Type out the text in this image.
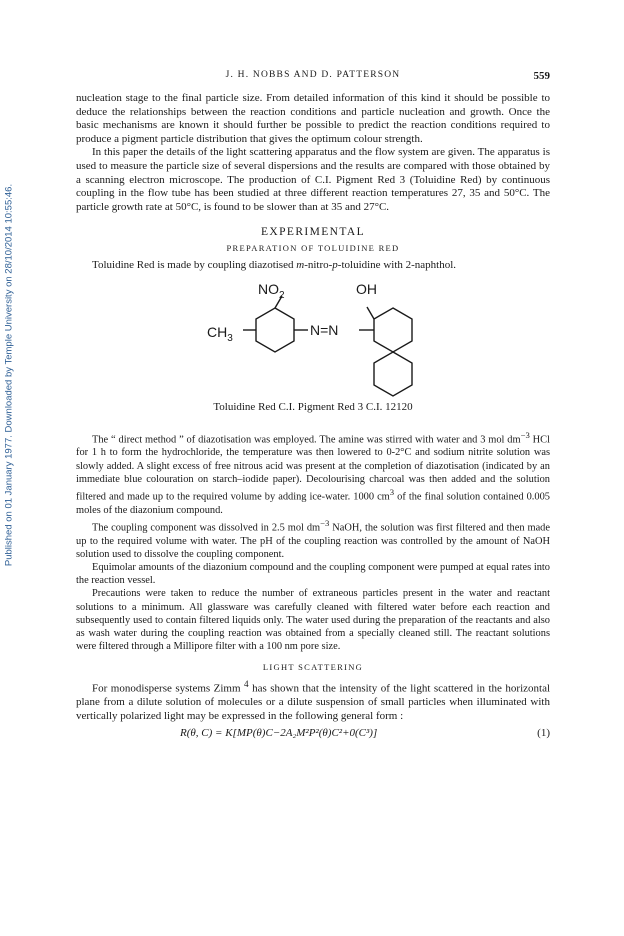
Published on 01 January 1977. Downloaded by Temple University on 28/10/2014 10:55:46.
J. H. NOBBS AND D. PATTERSON	559

nucleation stage to the final particle size. From detailed information of this kind it should be possible to deduce the relationships between the reaction conditions and particle nucleation and growth. Once the basic mechanisms are known it should further be possible to predict the reaction conditions required to produce a pigment particle distribution that gives the optimum colour strength.

In this paper the details of the light scattering apparatus and the flow system are given. The apparatus is used to measure the particle size of several dispersions and the results are compared with those obtained by a scanning electron microscope. The production of C.I. Pigment Red 3 (Toluidine Red) by continuous coupling in the flow tube has been studied at three different reaction temperatures 27, 35 and 50°C. The particle growth rate at 50°C, is found to be slower than at 35 and 27°C.

EXPERIMENTAL
PREPARATION OF TOLUIDINE RED

Toluidine Red is made by coupling diazotised m-nitro-p-toluidine with 2-naphthol.

$NO_2$	OH
$CH_3$
N=N
Toluidine Red C.I. Pigment Red 3 C.I. 12120

The “ direct method ” of diazotisation was employed. The amine was stirred with water and 3 mol $dm^{-3}$ HCl for 1 h to form the hydrochloride, the temperature was then lowered to 0-2°C and sodium nitrite solution was slowly added. A slight excess of free nitrous acid was present at the completion of diazotisation (indicated by an immediate blue colouration on starch–iodide paper). Decolourising charcoal was then added and the solution filtered and made up to the required volume by adding ice-water. 1000 $cm^3$ of the final solution contained 0.005 moles of the diazonium compound.

The coupling component was dissolved in 2.5 mol $dm^{-3}$ NaOH, the solution was first filtered and then made up to the required volume with water. The pH of the coupling reaction was controlled by the amount of NaOH solution used to dissolve the coupling component.

Equimolar amounts of the diazonium compound and the coupling component were pumped at equal rates into the reaction vessel.

Precautions were taken to reduce the number of extraneous particles present in the water and reactant solutions to a minimum. All glassware was carefully cleaned with filtered water before each reaction and subsequently used to contain filtered liquids only. The water used during the preparation of the reactants and also as wash water during the coupling reaction was obtained from a specially cleaned still. The reactant solutions were filtered through a Millipore filter with a 100 nm pore size.

LIGHT SCATTERING

For monodisperse systems Zimm $^4$ has shown that the intensity of the light scattered in the horizontal plane from a dilute solution of molecules or a dilute suspension of small particles when illuminated with vertically polarized light may be expressed in the following general form :

R(θ, C) = K[MP(θ)C−2A₂M²P²(θ)C²+0(C³)]	(1)
